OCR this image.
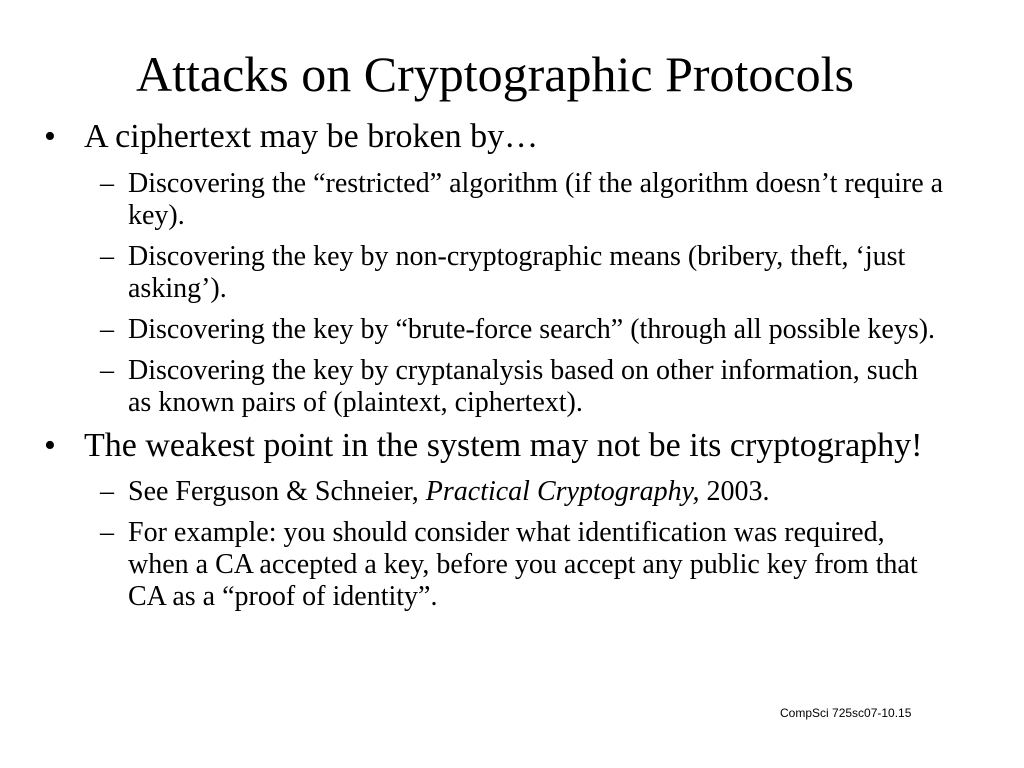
Attacks on Cryptographic Protocols
• A ciphertext may be broken by…
– Discovering the “restricted” algorithm (if the algorithm doesn’t require a key).
– Discovering the key by non-cryptographic means (bribery, theft, ‘just asking’).
– Discovering the key by “brute-force search” (through all possible keys).
– Discovering the key by cryptanalysis based on other information, such as known pairs of (plaintext, ciphertext).
• The weakest point in the system may not be its cryptography!
– See Ferguson & Schneier, Practical Cryptography, 2003.
– For example: you should consider what identification was required, when a CA accepted a key, before you accept any public key from that CA as a “proof of identity”.
CompSci 725sc07-10.15
